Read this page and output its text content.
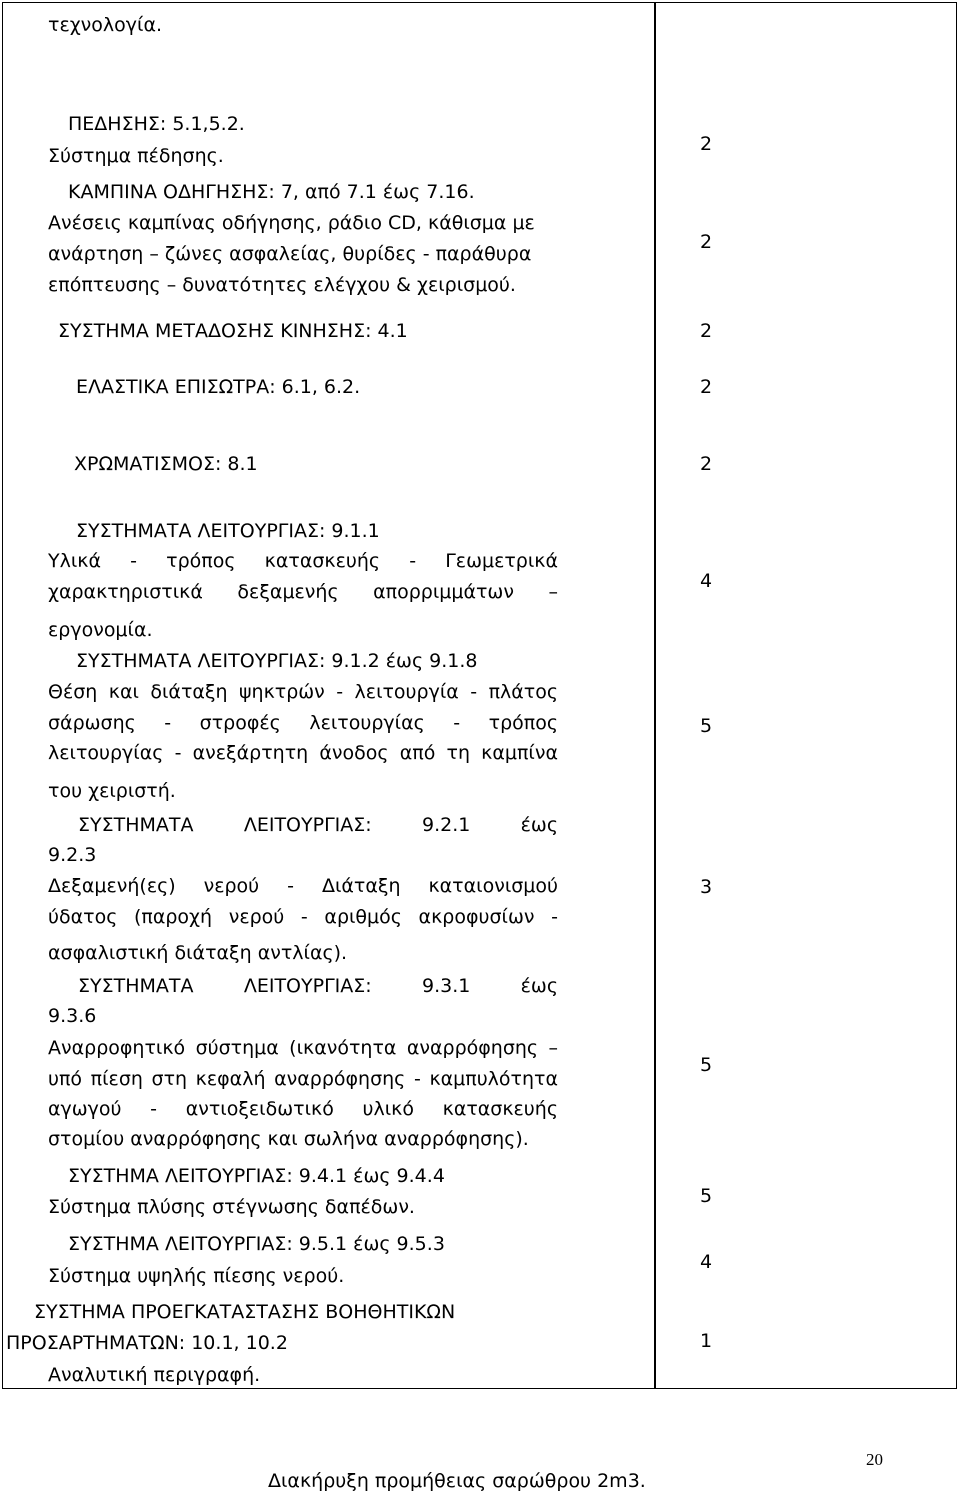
τεχνολογία.
ΠΕΔΗΣΗΣ: 5.1,5.2.
Σύστημα πέδησης.
ΚΑΜΠΙΝΑ ΟΔΗΓΗΣΗΣ: 7, από 7.1 έως 7.16.
Ανέσεις καμπίνας οδήγησης, ράδιο CD, κάθισμα με
ανάρτηση – ζώνες ασφαλείας, θυρίδες - παράθυρα
επόπτευσης – δυνατότητες ελέγχου & χειρισμού.
ΣΥΣΤΗΜΑ ΜΕΤΑΔΟΣΗΣ ΚΙΝΗΣΗΣ: 4.1
ΕΛΑΣΤΙΚΑ ΕΠΙΣΩΤΡΑ: 6.1, 6.2.
ΧΡΩΜΑΤΙΣΜΟΣ: 8.1
ΣΥΣΤΗΜΑΤΑ ΛΕΙΤΟΥΡΓΙΑΣ: 9.1.1
Υλικά - τρόπος κατασκευής - Γεωμετρικά
χαρακτηριστικά δεξαμενής απορριμμάτων –
εργονομία.
ΣΥΣΤΗΜΑΤΑ ΛΕΙΤΟΥΡΓΙΑΣ: 9.1.2 έως 9.1.8
Θέση και διάταξη ψηκτρών - λειτουργία - πλάτος
σάρωσης - στροφές λειτουργίας - τρόπος
λειτουργίας - ανεξάρτητη άνοδος από τη καμπίνα
του χειριστή.
ΣΥΣΤΗΜΑΤΑ ΛΕΙΤΟΥΡΓΙΑΣ: 9.2.1 έως
9.2.3
Δεξαμενή(ες) νερού - Διάταξη καταιονισμού
ύδατος (παροχή νερού - αριθμός ακροφυσίων -
ασφαλιστική διάταξη αντλίας).
ΣΥΣΤΗΜΑΤΑ ΛΕΙΤΟΥΡΓΙΑΣ: 9.3.1 έως
9.3.6
Αναρροφητικό σύστημα (ικανότητα αναρρόφησης –
υπό πίεση στη κεφαλή αναρρόφησης - καμπυλότητα
αγωγού - αντιοξειδωτικό υλικό κατασκευής
στομίου αναρρόφησης και σωλήνα αναρρόφησης).
ΣΥΣΤΗΜΑ ΛΕΙΤΟΥΡΓΙΑΣ: 9.4.1 έως 9.4.4
Σύστημα πλύσης στέγνωσης δαπέδων.
ΣΥΣΤΗΜΑ ΛΕΙΤΟΥΡΓΙΑΣ: 9.5.1 έως 9.5.3
Σύστημα υψηλής πίεσης νερού.
ΣΥΣΤΗΜΑ ΠΡΟΕΓΚΑΤΑΣΤΑΣΗΣ ΒΟΗΘΗΤΙΚΩΝ
ΠΡΟΣΑΡΤΗΜΑΤΩΝ: 10.1, 10.2
Αναλυτική περιγραφή.
2
2
2
2
2
4
5
3
5
5
4
1
20
Διακήρυξη προμήθειας σαρώθρου 2m3.
